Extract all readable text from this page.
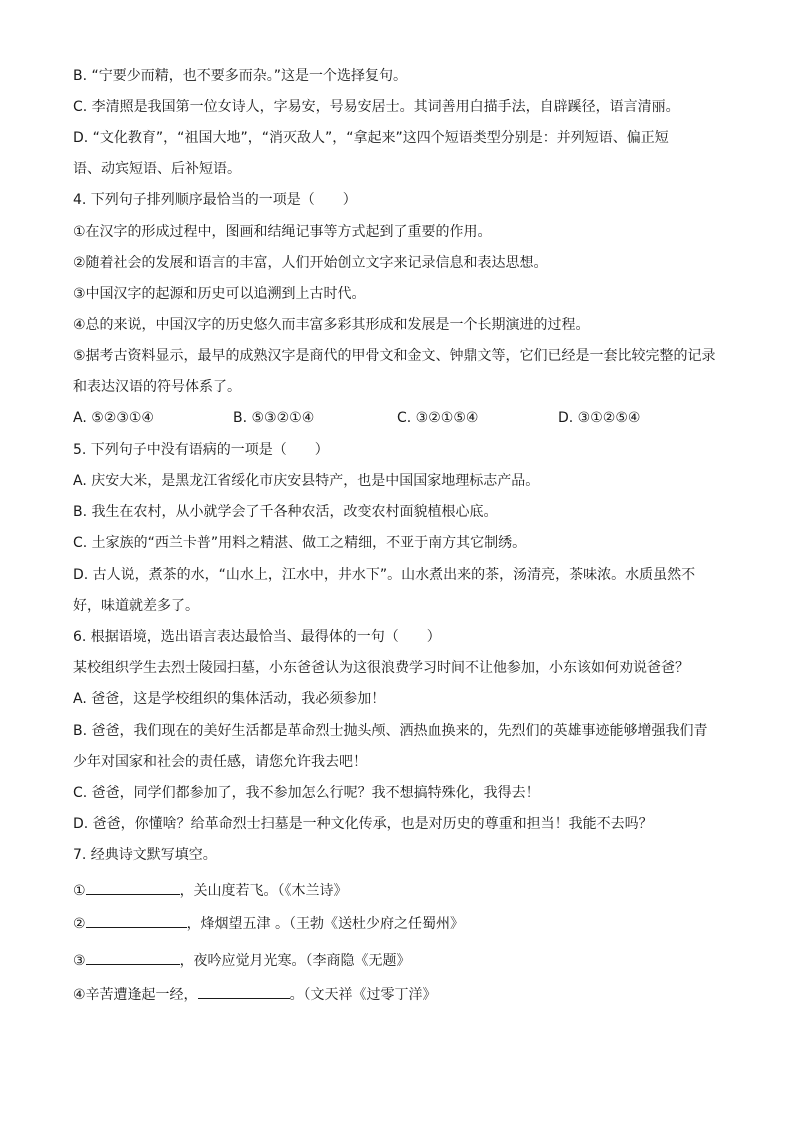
B. “宁要少而精，也不要多而杂。”这是一个选择复句。
C. 李清照是我国第一位女诗人，字易安，号易安居士。其词善用白描手法，自辟蹊径，语言清丽。
D. “文化教育”，“祖国大地”，“消灭敌人”，“拿起来”这四个短语类型分别是：并列短语、偏正短
语、动宾短语、后补短语。
4. 下列句子排列顺序最恰当的一项是（　　）
①在汉字的形成过程中，图画和结绳记事等方式起到了重要的作用。
②随着社会的发展和语言的丰富，人们开始创立文字来记录信息和表达思想。
③中国汉字的起源和历史可以追溯到上古时代。
④总的来说，中国汉字的历史悠久而丰富多彩其形成和发展是一个长期演进的过程。
⑤据考古资料显示，最早的成熟汉字是商代的甲骨文和金文、钟鼎文等，它们已经是一套比较完整的记录
和表达汉语的符号体系了。
A. ⑤②③①④	B. ⑤③②①④	C. ③②①⑤④	D. ③①②⑤④
5. 下列句子中没有语病的一项是（　　）
A. 庆安大米，是黑龙江省绥化市庆安县特产，也是中国国家地理标志产品。
B. 我生在农村，从小就学会了千各种农活，改变农村面貌植根心底。
C. 土家族的“西兰卡普”用料之精湛、做工之精细，不亚于南方其它制绣。
D. 古人说，煮茶的水，“山水上，江水中，井水下”。山水煮出来的茶，汤清亮，茶味浓。水质虽然不
好，味道就差多了。
6. 根据语境，选出语言表达最恰当、最得体的一句（　　）
某校组织学生去烈士陵园扫墓，小东爸爸认为这很浪费学习时间不让他参加，小东该如何劝说爸爸？
A. 爸爸，这是学校组织的集体活动，我必须参加！
B. 爸爸，我们现在的美好生活都是革命烈士抛头颅、洒热血换来的，先烈们的英雄事迹能够增强我们青
少年对国家和社会的责任感，请您允许我去吧！
C. 爸爸，同学们都参加了，我不参加怎么行呢？我不想搞特殊化，我得去！
D. 爸爸，你懂啥？给革命烈士扫墓是一种文化传承，也是对历史的尊重和担当！我能不去吗？
7. 经典诗文默写填空。
①	，关山度若飞。（《木兰诗》
②	，烽烟望五津 。（王勃《送杜少府之任蜀州》
③	，夜吟应觉月光寒。（李商隐《无题》
④辛苦遭逢起一经，	。（文天祥《过零丁洋》
